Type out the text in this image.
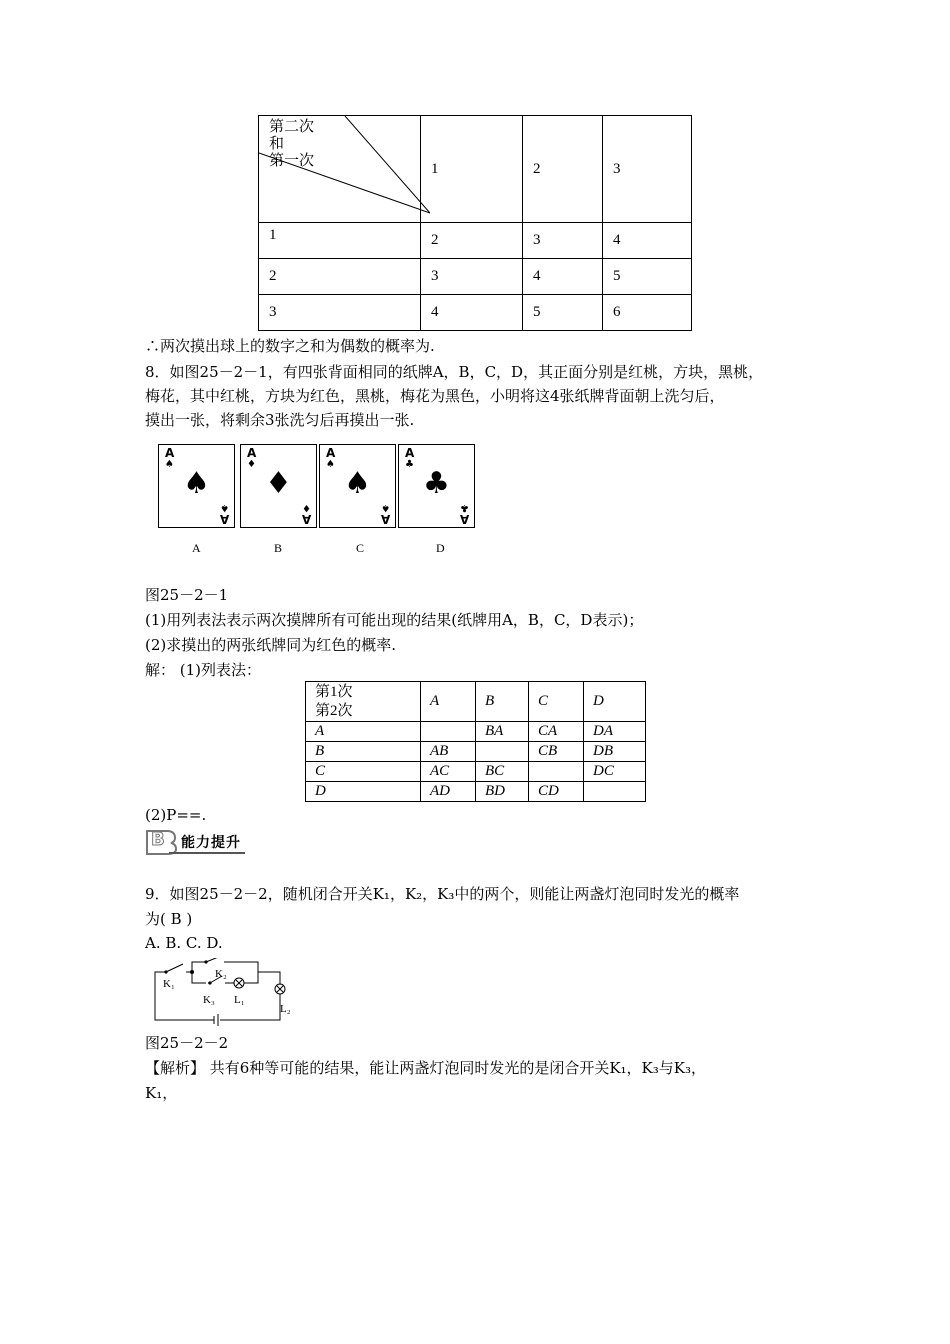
第二次
和
第一次	1	2	3
1	2	3	4
2	3	4	5
3	4	5	6
∴两次摸出球上的数字之和为偶数的概率为.
8．如图25－2－1，有四张背面相同的纸牌A，B，C，D，其正面分别是红桃，方块，黑桃，
梅花，其中红桃，方块为红色，黑桃，梅花为黑色，小明将这4张纸牌背面朝上洗匀后，
摸出一张，将剩余3张洗匀后再摸出一张.
A
♠
♠
♠
A
A
♦
♦
♦
A
A
♠
♠
♠
A
A
♣
♣
♣
A
A	B	C	D
图25－2－1
(1)用列表法表示两次摸牌所有可能出现的结果(纸牌用A，B，C，D表示)；
(2)求摸出的两张纸牌同为红色的概率.
解： (1)列表法：
第1次
第2次	A	B	C	D
A		BA	CA	DA
B	AB		CB	DB
C	AC	BC		DC
D	AD	BD	CD	
(2)P==.
B 能力提升
9．如图25－2－2，随机闭合开关K₁，K₂，K₃中的两个，则能让两盏灯泡同时发光的概率
为( B )
A. B. C. D.
K₁
K₂
K₃ L₁
L₂
图25－2－2
【解析】 共有6种等可能的结果，能让两盏灯泡同时发光的是闭合开关K₁，K₃与K₃，
K₁，
